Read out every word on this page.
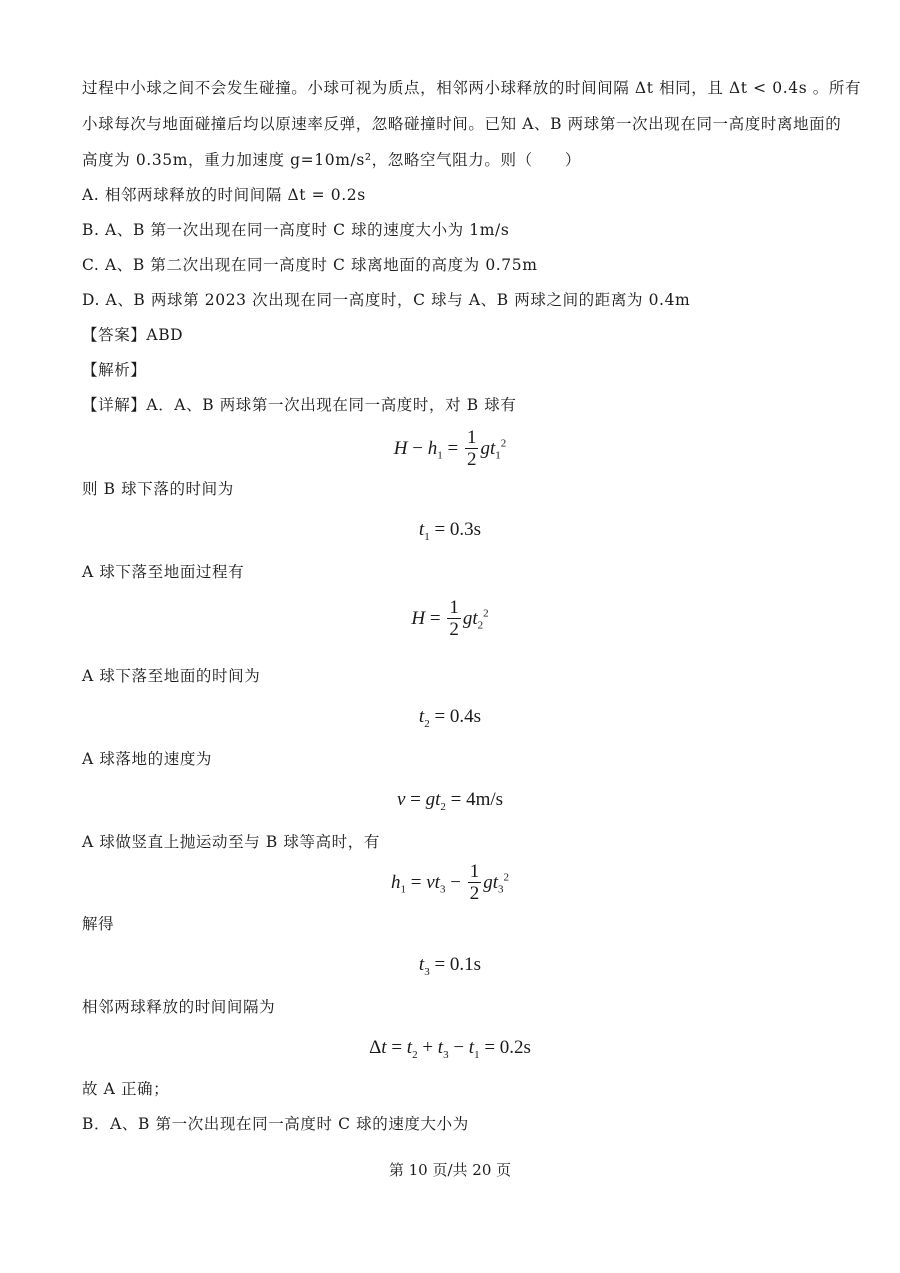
过程中小球之间不会发生碰撞。小球可视为质点，相邻两小球释放的时间间隔 Δt 相同，且 Δt < 0.4s 。所有
小球每次与地面碰撞后均以原速率反弹，忽略碰撞时间。已知 A、B 两球第一次出现在同一高度时离地面的
高度为 0.35m，重力加速度 g=10m/s²，忽略空气阻力。则（　　）
A. 相邻两球释放的时间间隔 Δt = 0.2s
B. A、B 第一次出现在同一高度时 C 球的速度大小为 1m/s
C. A、B 第二次出现在同一高度时 C 球离地面的高度为 0.75m
D. A、B 两球第 2023 次出现在同一高度时，C 球与 A、B 两球之间的距离为 0.4m
【答案】ABD
【解析】
【详解】A．A、B 两球第一次出现在同一高度时，对 B 球有
$H - h_1 = \frac{1}{2} gt_1^2$
则 B 球下落的时间为
$t_1 = 0.3s$
A 球下落至地面过程有
$H = \frac{1}{2} gt_2^2$
A 球下落至地面的时间为
$t_2 = 0.4s$
A 球落地的速度为
$v = gt_2 = 4m/s$
A 球做竖直上抛运动至与 B 球等高时，有
$h_1 = vt_3 - \frac{1}{2} gt_3^2$
解得
$t_3 = 0.1s$
相邻两球释放的时间间隔为
$\Delta t = t_2 + t_3 - t_1 = 0.2s$
故 A 正确；
B．A、B 第一次出现在同一高度时 C 球的速度大小为
第 10 页/共 20 页
